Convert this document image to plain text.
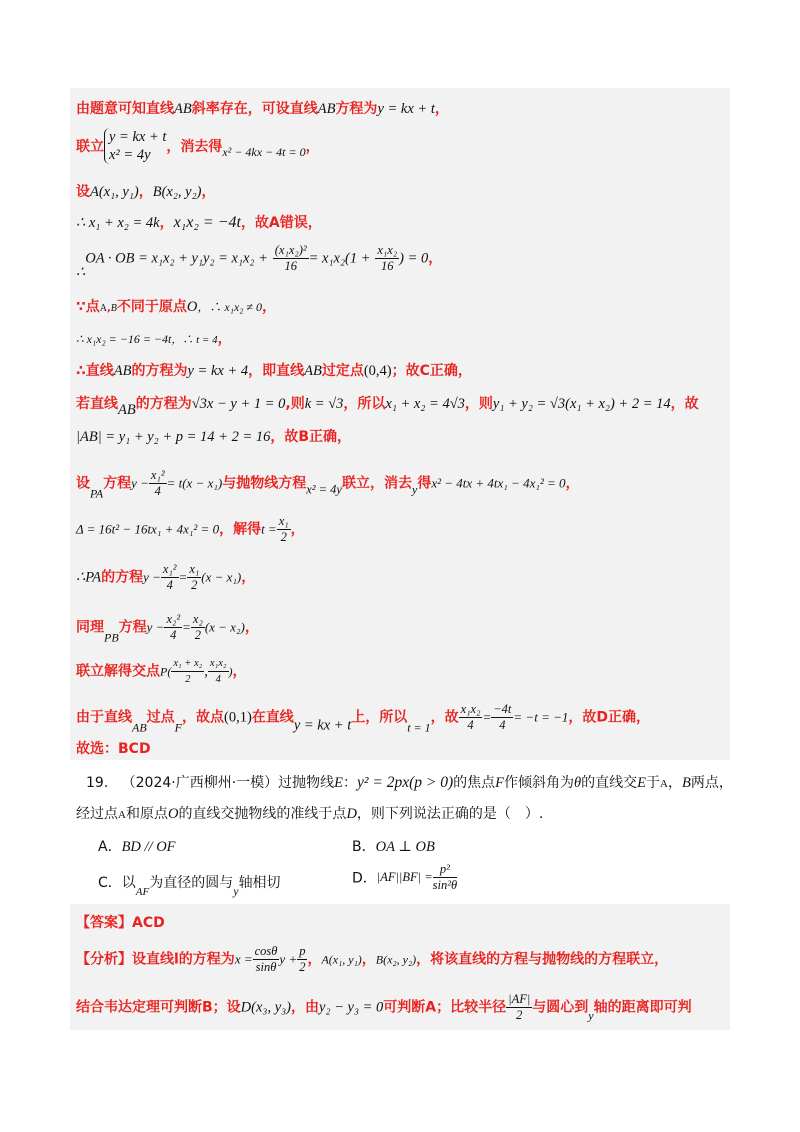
由题意可知直线AB斜率存在，可设直线AB方程为y = kx + t，
联立
y = kx + t
x² = 4y	，消去得x² − 4kx − 4t = 0，
设A(x₁, y₁)，B(x₂, y₂)，
∴ x₁ + x₂ = 4k，x₁x₂ = −4t，故A错误，
∴OA · OB = $x_1x_2 + y_1y_2 = x_1x_2 + \frac{\text{(x₁x₂)²}}{16} = x_1x_2(1 + \frac{\text{x₁x₂}}{16}$ ) = 0，
∵点A,B不同于原点O，∴ x₁x₂ ≠ 0，
∴ x₁x₂ = −16 = −4t，∴ t = 4，
∴直线AB的方程为y = kx + 4，即直线AB过定点(0,4)；故C正确，
若直线AB的方程为√3x − y + 1 = 0,则k = √3，所以x₁ + x₂ = 4√3，则y₁ + y₂ = √3(x₁ + x₂) + 2 = 14，故
|AB| = y₁ + y₂ + p = 14 + 2 = 16，故B正确，
设PA方程$y - \frac{\text{x₁²}}{4} = t(x - x_1)$与抛物线方程x² = 4y联立，消去y得x² − 4tx + 4tx₁ − 4x₁² = 0，
Δ = 16t² − 16tx₁ + 4x₁² = 0，解得$t = \frac{\text{x₁}}{2}$ ，
∴PA的方程$y - \frac{\text{x₁²}}{4} = \frac{\text{x₁}}{2} (x - x_1)$，
同理PB方程$y - \frac{\text{x₂²}}{4} = \frac{\text{x₂}}{2} (x - x_2)$，
联立解得交点$P( \frac{\text{x₁ + x₂}}{2}$ , $\frac{\text{x₁x₂}}{4}$ )，
由于直线AB过点F，故点(0,1)在直线y = kx + t上，所以t = 1，故 $\frac{\text{x₁x₂}}{4} = \frac{-4t}{4} = -t = -1$，故D正确，
故选：BCD
19. （2024·广西柳州·一模）过抛物线E：y² = 2px(p > 0)的焦点F作倾斜角为θ的直线交E于A，B两点，
经过点A和原点O的直线交抛物线的准线于点D，则下列说法正确的是（　）.
A．BD // OF	B．OA ⊥ OB
C．以$_{AF}$为直径的圆与y轴相切	D．$|AF||BF| = \frac{\text{p²}}{\text{sin²θ}}$
【答案】ACD
【分析】设直线l的方程为$x = \frac{\cos\theta}{\sin\theta}$ $y + \frac{p}{2}$ ，A(x₁, y₁)，B(x₂, y₂)，将该直线的方程与抛物线的方程联立，
结合韦达定理可判断B；设D(x₃, y₃)，由y₂ − y₃ = 0可判断A；比较半径 $\frac{|AF|}{2}$ 与圆心到y轴的距离即可判
